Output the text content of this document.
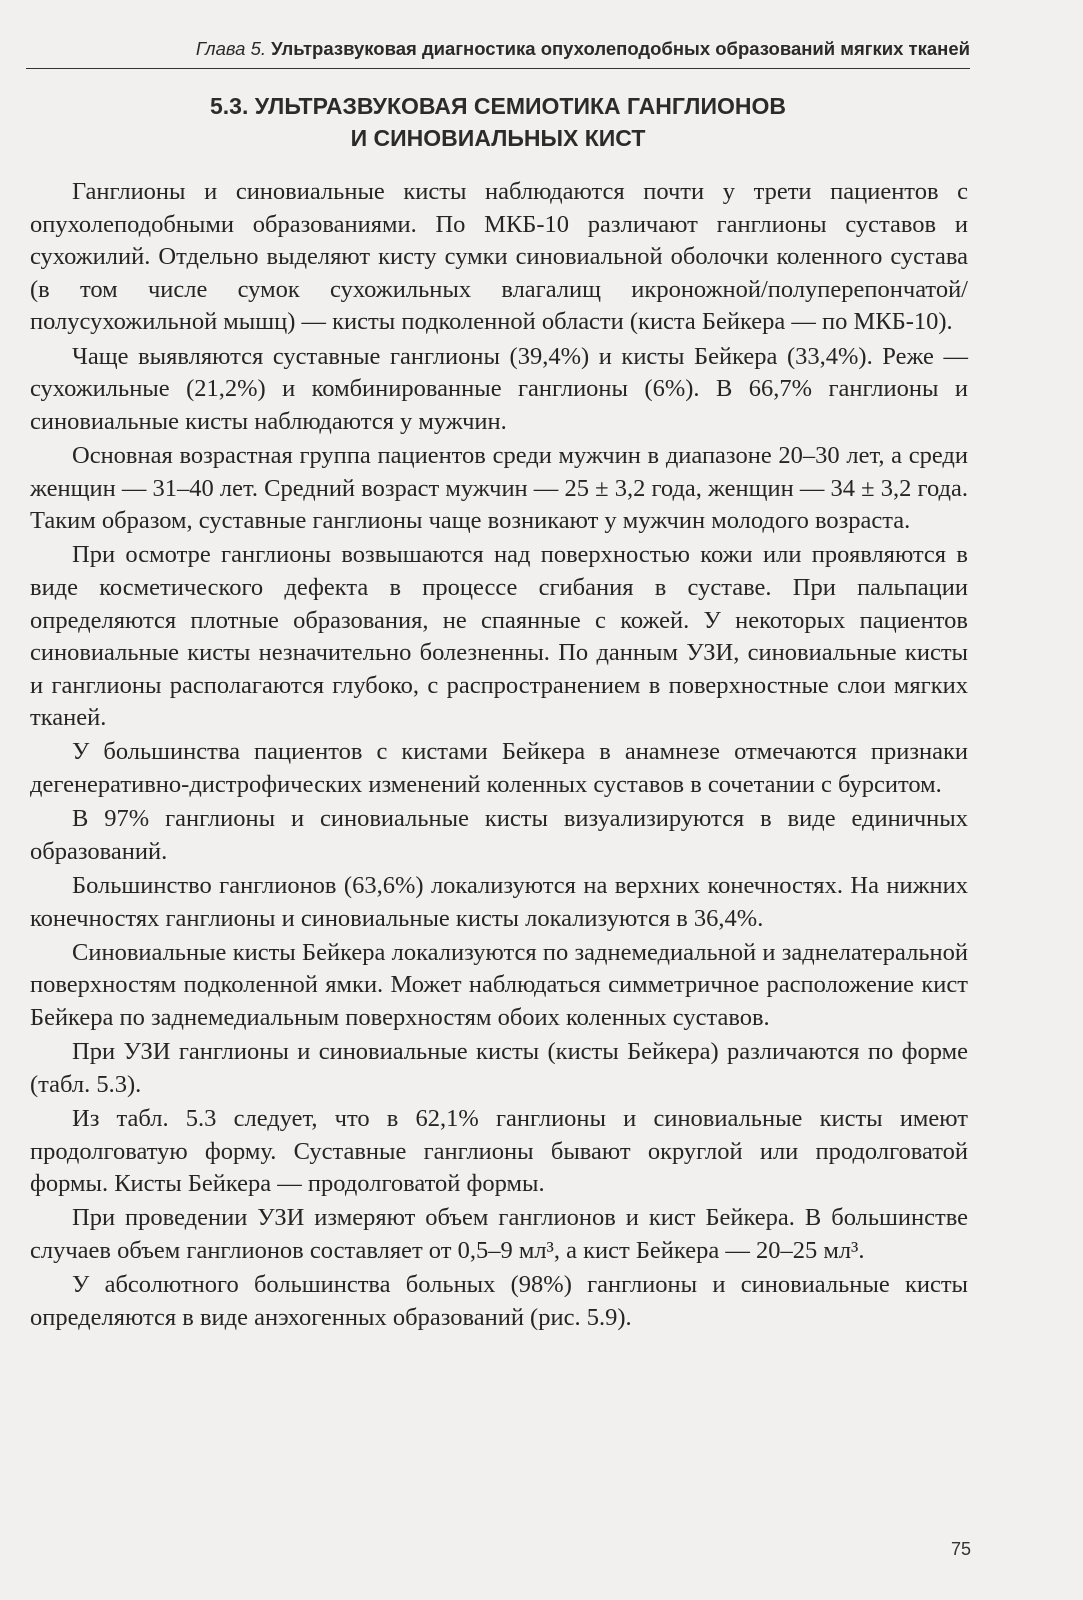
Глава 5. Ультразвуковая диагностика опухолеподобных образований мягких тканей
5.3. УЛЬТРАЗВУКОВАЯ СЕМИОТИКА ГАНГЛИОНОВ
И СИНОВИАЛЬНЫХ КИСТ

Ганглионы и синовиальные кисты наблюдаются почти у трети пациентов с опухолеподобными образованиями. По МКБ-10 различают ганглионы суставов и сухожилий. Отдельно выделяют кисту сумки синовиальной оболочки коленного сустава (в том числе сумок сухожильных влагалищ икроножной/полуперепончатой/полусухожильной мышц) — кисты подколенной области (киста Бейкера — по МКБ-10).

Чаще выявляются суставные ганглионы (39,4%) и кисты Бейкера (33,4%). Реже — сухожильные (21,2%) и комбинированные ганглионы (6%). В 66,7% ганглионы и синовиальные кисты наблюдаются у мужчин.

Основная возрастная группа пациентов среди мужчин в диапазоне 20–30 лет, а среди женщин — 31–40 лет. Средний возраст мужчин — 25 ± 3,2 года, женщин — 34 ± 3,2 года. Таким образом, суставные ганглионы чаще возникают у мужчин молодого возраста.

При осмотре ганглионы возвышаются над поверхностью кожи или проявляются в виде косметического дефекта в процессе сгибания в суставе. При пальпации определяются плотные образования, не спаянные с кожей. У некоторых пациентов синовиальные кисты незначительно болезненны. По данным УЗИ, синовиальные кисты и ганглионы располагаются глубоко, с распространением в поверхностные слои мягких тканей.

У большинства пациентов с кистами Бейкера в анамнезе отмечаются признаки дегенеративно-дистрофических изменений коленных суставов в сочетании с бурситом.

В 97% ганглионы и синовиальные кисты визуализируются в виде единичных образований.

Большинство ганглионов (63,6%) локализуются на верхних конечностях. На нижних конечностях ганглионы и синовиальные кисты локализуются в 36,4%.

Синовиальные кисты Бейкера локализуются по заднемедиальной и заднелатеральной поверхностям подколенной ямки. Может наблюдаться симметричное расположение кист Бейкера по заднемедиальным поверхностям обоих коленных суставов.

При УЗИ ганглионы и синовиальные кисты (кисты Бейкера) различаются по форме (табл. 5.3).

Из табл. 5.3 следует, что в 62,1% ганглионы и синовиальные кисты имеют продолговатую форму. Суставные ганглионы бывают округлой или продолговатой формы. Кисты Бейкера — продолговатой формы.

При проведении УЗИ измеряют объем ганглионов и кист Бейкера. В большинстве случаев объем ганглионов составляет от 0,5–9 мл³, а кист Бейкера — 20–25 мл³.

У абсолютного большинства больных (98%) ганглионы и синовиальные кисты определяются в виде анэхогенных образований (рис. 5.9).

75
